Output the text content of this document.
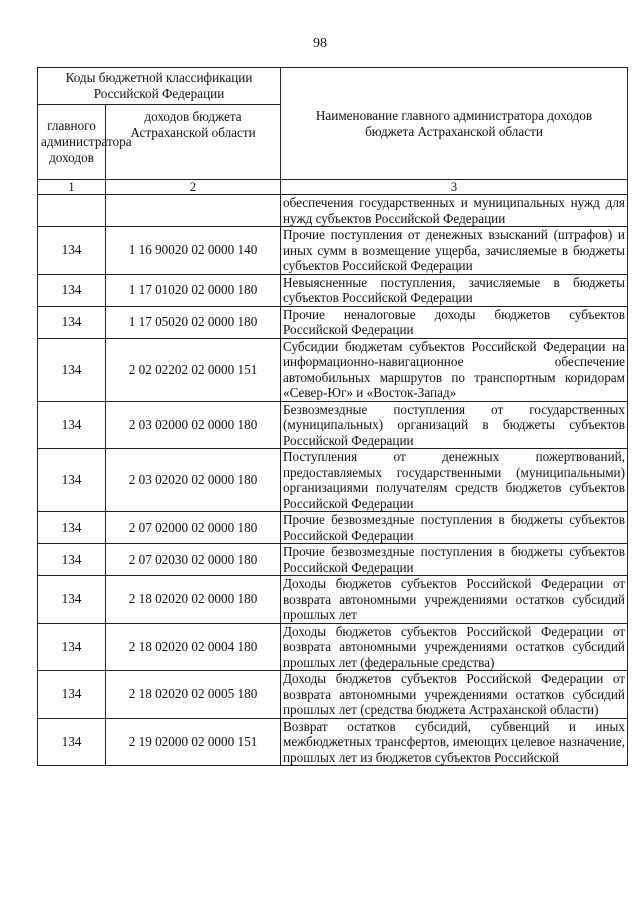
98
Коды бюджетной классификации Российской Федерации		Наименование главного администратора доходов бюджета Астраханской области
главного администратора доходов	доходов бюджета Астраханской области	
1	2	3
		обеспечения государственных и муниципальных нужд для нужд субъектов Российской Федерации
134	1 16 90020 02 0000 140	Прочие поступления от денежных взысканий (штрафов) и иных сумм в возмещение ущерба, зачисляемые в бюджеты субъектов Российской Федерации
134	1 17 01020 02 0000 180	Невыясненные поступления, зачисляемые в бюджеты субъектов Российской Федерации
134	1 17 05020 02 0000 180	Прочие неналоговые доходы бюджетов субъектов Российской Федерации
134	2 02 02202 02 0000 151	Субсидии бюджетам субъектов Российской Федерации на информационно-навигационное обеспечение автомобильных маршрутов по транспортным коридорам «Север-Юг» и «Восток-Запад»
134	2 03 02000 02 0000 180	Безвозмездные поступления от государственных (муниципальных) организаций в бюджеты субъектов Российской Федерации
134	2 03 02020 02 0000 180	Поступления от денежных пожертвований, предоставляемых государственными (муниципальными) организациями получателям средств бюджетов субъектов Российской Федерации
134	2 07 02000 02 0000 180	Прочие безвозмездные поступления в бюджеты субъектов Российской Федерации
134	2 07 02030 02 0000 180	Прочие безвозмездные поступления в бюджеты субъектов Российской Федерации
134	2 18 02020 02 0000 180	Доходы бюджетов субъектов Российской Федерации от возврата автономными учреждениями остатков субсидий прошлых лет
134	2 18 02020 02 0004 180	Доходы бюджетов субъектов Российской Федерации от возврата автономными учреждениями остатков субсидий прошлых лет (федеральные средства)
134	2 18 02020 02 0005 180	Доходы бюджетов субъектов Российской Федерации от возврата автономными учреждениями остатков субсидий прошлых лет (средства бюджета Астраханской области)
134	2 19 02000 02 0000 151	Возврат остатков субсидий, субвенций и иных межбюджетных трансфертов, имеющих целевое назначение, прошлых лет из бюджетов субъектов Российской
